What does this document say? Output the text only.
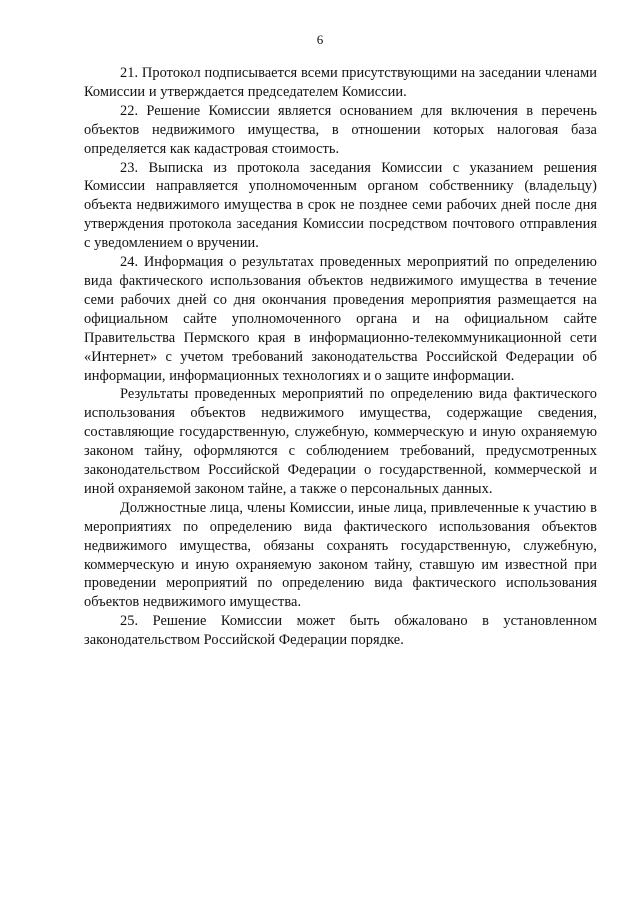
6

21. Протокол подписывается всеми присутствующими на заседании членами Комиссии и утверждается председателем Комиссии.

22. Решение Комиссии является основанием для включения в перечень объектов недвижимого имущества, в отношении которых налоговая база определяется как кадастровая стоимость.

23. Выписка из протокола заседания Комиссии с указанием решения Комиссии направляется уполномоченным органом собственнику (владельцу) объекта недвижимого имущества в срок не позднее семи рабочих дней после дня утверждения протокола заседания Комиссии посредством почтового отправления с уведомлением о вручении.

24. Информация о результатах проведенных мероприятий по определению вида фактического использования объектов недвижимого имущества в течение семи рабочих дней со дня окончания проведения мероприятия размещается на официальном сайте уполномоченного органа и на официальном сайте Правительства Пермского края в информационно-телекоммуникационной сети «Интернет» с учетом требований законодательства Российской Федерации об информации, информационных технологиях и о защите информации.

Результаты проведенных мероприятий по определению вида фактического использования объектов недвижимого имущества, содержащие сведения, составляющие государственную, служебную, коммерческую и иную охраняемую законом тайну, оформляются с соблюдением требований, предусмотренных законодательством Российской Федерации о государственной, коммерческой и иной охраняемой законом тайне, а также о персональных данных.

Должностные лица, члены Комиссии, иные лица, привлеченные к участию в мероприятиях по определению вида фактического использования объектов недвижимого имущества, обязаны сохранять государственную, служебную, коммерческую и иную охраняемую законом тайну, ставшую им известной при проведении мероприятий по определению вида фактического использования объектов недвижимого имущества.

25. Решение Комиссии может быть обжаловано в установленном законодательством Российской Федерации порядке.
